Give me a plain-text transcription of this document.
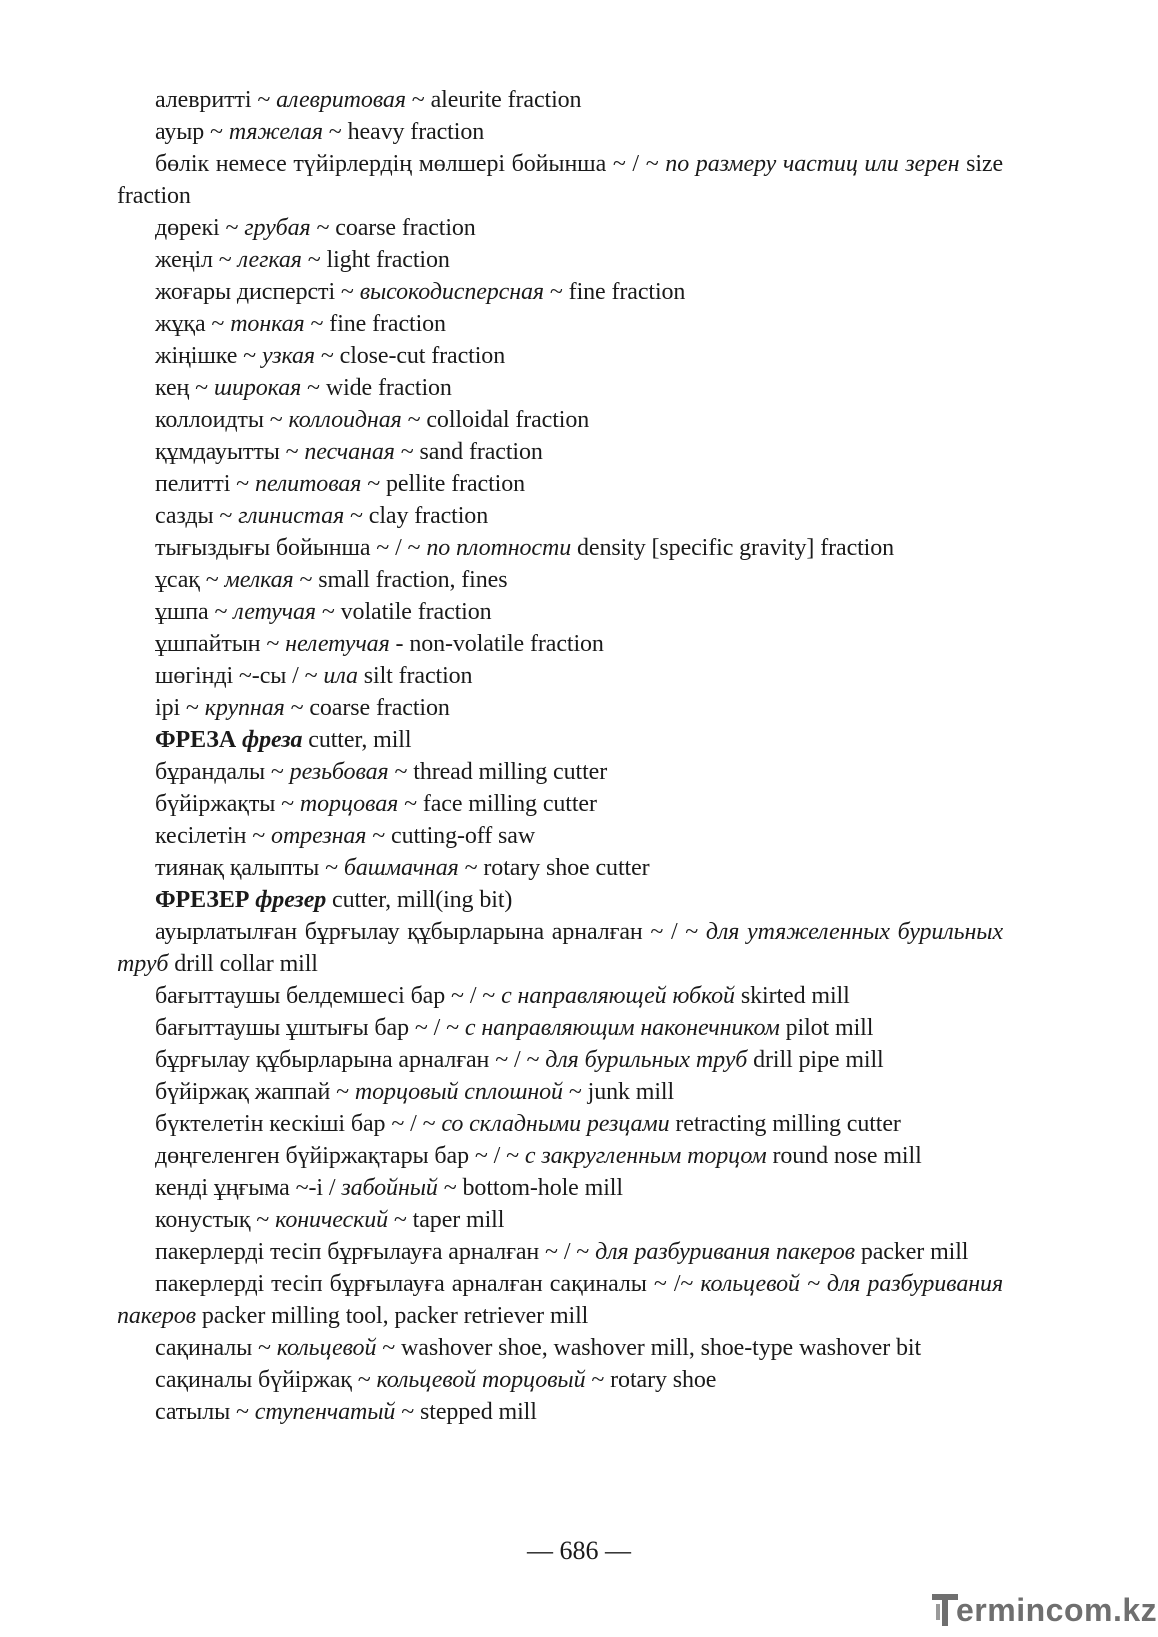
алевритті ~ алевритовая ~ aleurite fraction

ауыр ~ тяжелая ~ heavy fraction

бөлік немесе түйірлердің мөлшері бойынша ~ / ~ по размеру частиц или зерен size fraction

дөрекі ~ грубая ~ coarse fraction

жеңіл ~ легкая ~ light fraction

жоғары дисперсті ~ высокодисперсная ~ fine fraction

жұқа ~ тонкая ~ fine fraction

жіңішке ~ узкая ~ close-cut fraction

кең ~ широкая ~ wide fraction

коллоидты ~ коллоидная ~ colloidal fraction

құмдауытты ~ песчаная ~ sand fraction

пелитті ~ пелитовая ~ pellite fraction

сазды ~ глинистая ~ clay fraction

тығыздығы бойынша ~ / ~ по плотности density [specific gravity] fraction

ұсақ ~ мелкая ~ small fraction, fines

ұшпа ~ летучая ~ volatile fraction

ұшпайтын ~ нелетучая - non-volatile fraction

шөгінді ~-сы / ~ ила silt fraction

ірі ~ крупная ~ coarse fraction

ФРЕЗА фреза cutter, mill

бұрандалы ~ резьбовая ~ thread milling cutter

бүйіржақты ~ торцовая ~ face milling cutter

кесілетін ~ отрезная ~ cutting-off saw

тиянақ қалыпты ~ башмачная ~ rotary shoe cutter

ФРЕЗЕР фрезер cutter, mill(ing bit)

ауырлатылған бұрғылау құбырларына арналған ~ / ~ для утяжеленных бурильных труб drill collar mill

бағыттаушы белдемшесі бар ~ / ~ с направляющей юбкой skirted mill

бағыттаушы ұштығы бар ~ / ~ с направляющим наконечником pilot mill

бұрғылау құбырларына арналған ~ / ~ для бурильных труб drill pipe mill

бүйіржақ жаппай ~ торцовый сплошной ~ junk mill

бүктелетін кескіші бар ~ / ~ со складными резцами retracting milling cutter

дөңгеленген бүйіржақтары бар ~ / ~ с закругленным торцом round nose mill

кенді ұңғыма ~-і / забойный ~ bottom-hole mill

конустық ~ конический ~ taper mill

пакерлерді тесіп бұрғылауға арналған ~ / ~ для разбуривания пакеров packer mill

пакерлерді тесіп бұрғылауға арналған сақиналы ~ /~ кольцевой ~ для разбуривания пакеров packer milling tool, packer retriever mill

сақиналы ~ кольцевой ~ washover shoe, washover mill, shoe-type washover bit

сақиналы бүйіржақ ~ кольцевой торцовый ~ rotary shoe

сатылы ~ ступенчатый ~ stepped mill

— 686 —
ermincom.kz
